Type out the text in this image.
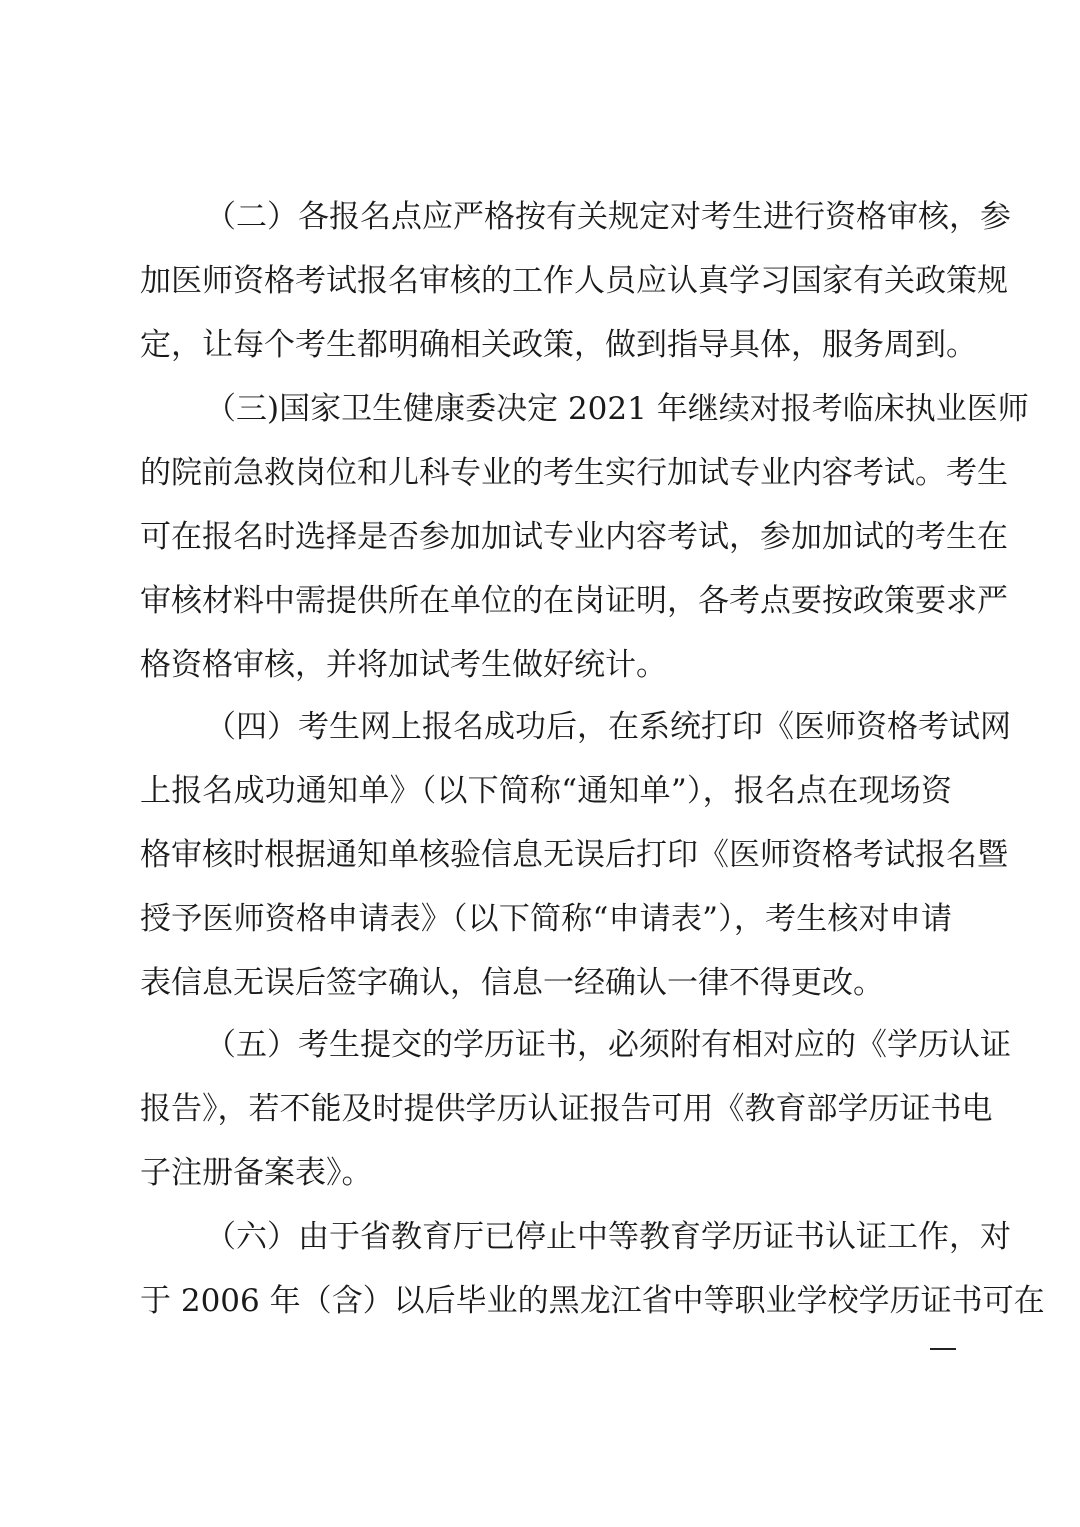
（二）各报名点应严格按有关规定对考生进行资格审核，参
加医师资格考试报名审核的工作人员应认真学习国家有关政策规
定，让每个考生都明确相关政策，做到指导具体，服务周到。
（三)国家卫生健康委决定 2021 年继续对报考临床执业医师
的院前急救岗位和儿科专业的考生实行加试专业内容考试。考生
可在报名时选择是否参加加试专业内容考试，参加加试的考生在
审核材料中需提供所在单位的在岗证明，各考点要按政策要求严
格资格审核，并将加试考生做好统计。
（四）考生网上报名成功后，在系统打印《医师资格考试网
上报名成功通知单》（以下简称“通知单”），报名点在现场资
格审核时根据通知单核验信息无误后打印《医师资格考试报名暨
授予医师资格申请表》（以下简称“申请表”），考生核对申请
表信息无误后签字确认，信息一经确认一律不得更改。
（五）考生提交的学历证书，必须附有相对应的《学历认证
报告》，若不能及时提供学历认证报告可用《教育部学历证书电
子注册备案表》。
（六）由于省教育厅已停止中等教育学历证书认证工作，对
于 2006 年（含）以后毕业的黑龙江省中等职业学校学历证书可在
